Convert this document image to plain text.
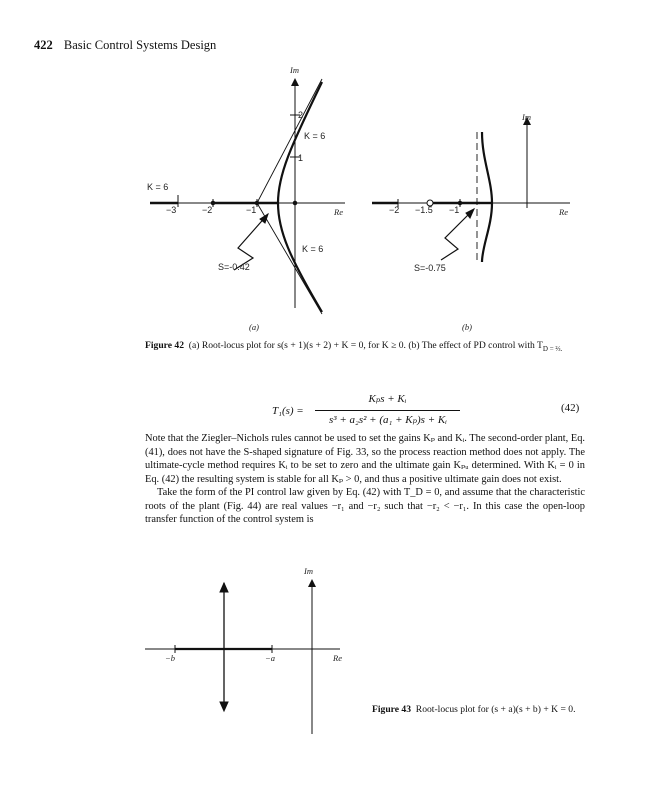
422 Basic Control Systems Design
Im
Re
−3	−2	−1
2
1
K = 6
K = 6
K = 6
S=-0.42
(a)
Im
Re
−2 −1.5 −1
S=-0.75
(b)
Im
Re
−b	−a
Figure 42 (a) Root-locus plot for s(s + 1)(s + 2) + K = 0, for K ≥ 0. (b) The effect of PD control with $T_{D = \frac{2}{3}.}$
T₁(s) =
Kₚs + Kᵢ
s³ + a₂s² + (a₁ + Kₚ)s + Kᵢ
(42)

Note that the Ziegler–Nichols rules cannot be used to set the gains Kₚ and Kᵢ. The second-order plant, Eq. (41), does not have the S-shaped signature of Fig. 33, so the process reaction method does not apply. The ultimate-cycle method requires Kᵢ to be set to zero and the ultimate gain Kₚᵤ determined. With Kᵢ = 0 in Eq. (42) the resulting system is stable for all Kₚ > 0, and thus a positive ultimate gain does not exist.

Take the form of the PI control law given by Eq. (42) with T_D = 0, and assume that the characteristic roots of the plant (Fig. 44) are real values −r₁ and −r₂ such that −r₂ < −r₁. In this case the open-loop transfer function of the control system is

Figure 43 Root-locus plot for (s + a)(s + b) + K = 0.
